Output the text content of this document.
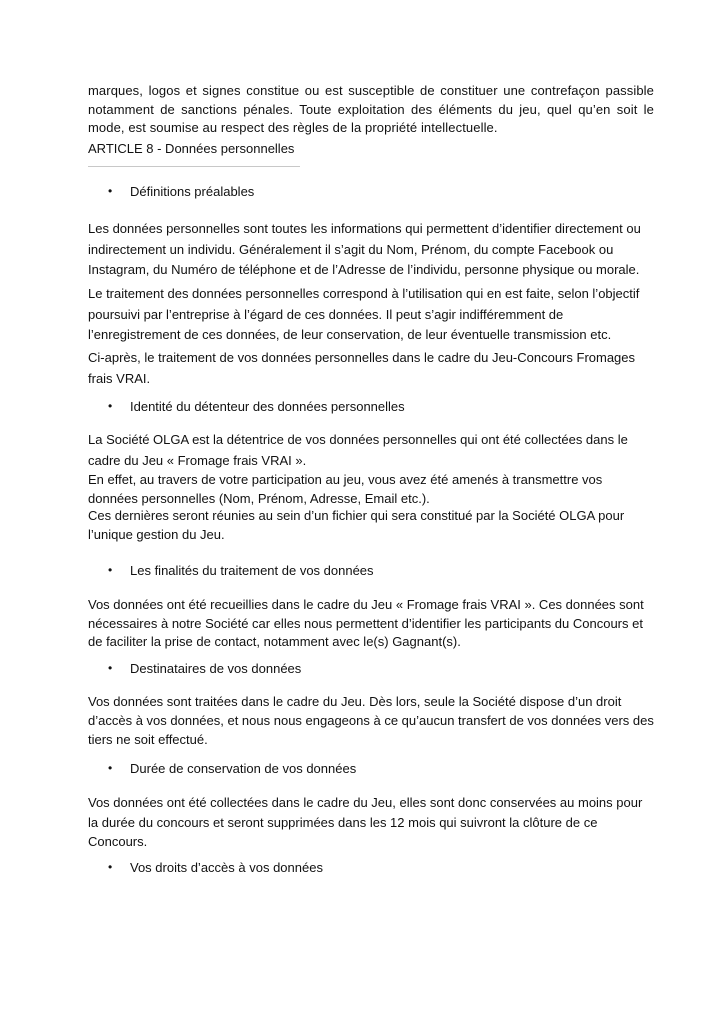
marques, logos et signes constitue ou est susceptible de constituer une contrefaçon passible notamment de sanctions pénales. Toute exploitation des éléments du jeu, quel qu’en soit le mode, est soumise au respect des règles de la propriété intellectuelle.

ARTICLE 8 - Données personnelles

• Définitions préalables

Les données personnelles sont toutes les informations qui permettent d’identifier directement ou indirectement un individu. Généralement il s’agit du Nom, Prénom, du compte Facebook ou Instagram, du Numéro de téléphone et de l’Adresse de l’individu, personne physique ou morale.

Le traitement des données personnelles correspond à l’utilisation qui en est faite, selon l’objectif poursuivi par l’entreprise à l’égard de ces données. Il peut s’agir indifféremment de l’enregistrement de ces données, de leur conservation, de leur éventuelle transmission etc.

Ci-après, le traitement de vos données personnelles dans le cadre du Jeu-Concours Fromages frais VRAI.

• Identité du détenteur des données personnelles

La Société OLGA est la détentrice de vos données personnelles qui ont été collectées dans le cadre du Jeu « Fromage frais VRAI ».

En effet, au travers de votre participation au jeu, vous avez été amenés à transmettre vos données personnelles (Nom, Prénom, Adresse, Email etc.).

Ces dernières seront réunies au sein d’un fichier qui sera constitué par la Société OLGA pour l’unique gestion du Jeu.

• Les finalités du traitement de vos données

Vos données ont été recueillies dans le cadre du Jeu « Fromage frais VRAI ». Ces données sont nécessaires à notre Société car elles nous permettent d’identifier les participants du Concours et de faciliter la prise de contact, notamment avec le(s) Gagnant(s).

• Destinataires de vos données

Vos données sont traitées dans le cadre du Jeu. Dès lors, seule la Société dispose d’un droit d’accès à vos données, et nous nous engageons à ce qu’aucun transfert de vos données vers des tiers ne soit effectué.

• Durée de conservation de vos données

Vos données ont été collectées dans le cadre du Jeu, elles sont donc conservées au moins pour la durée du concours et seront supprimées dans les 12 mois qui suivront la clôture de ce Concours.

• Vos droits d’accès à vos données
